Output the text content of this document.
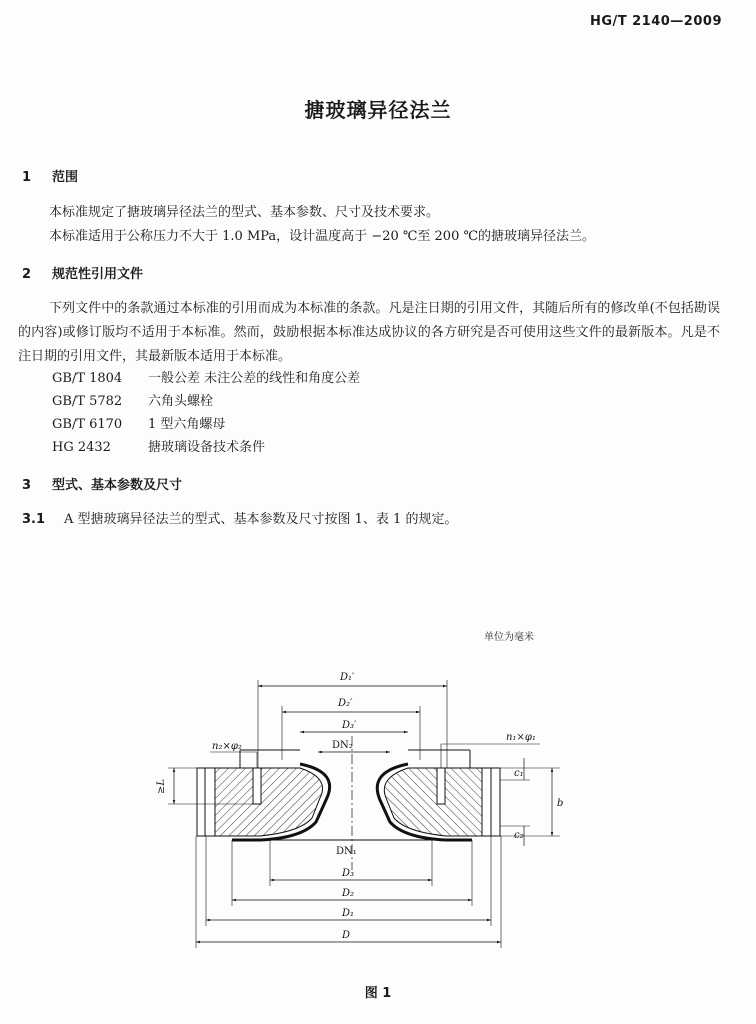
HG/T 2140—2009
搪玻璃异径法兰
1 范围
本标准规定了搪玻璃异径法兰的型式、基本参数、尺寸及技术要求。
本标准适用于公称压力不大于 1.0 MPa，设计温度高于 −20 ℃至 200 ℃的搪玻璃异径法兰。
2 规范性引用文件
下列文件中的条款通过本标准的引用而成为本标准的条款。凡是注日期的引用文件，其随后所有的修改单(不包括勘误的内容)或修订版均不适用于本标准。然而，鼓励根据本标准达成协议的各方研究是否可使用这些文件的最新版本。凡是不注日期的引用文件，其最新版本适用于本标准。
GB/T 1804 一般公差 未注公差的线性和角度公差
GB/T 5782 六角头螺栓
GB/T 6170 1 型六角螺母
HG 2432	搪玻璃设备技术条件
3 型式、基本参数及尺寸
3.1 A 型搪玻璃异径法兰的型式、基本参数及尺寸按图 1、表 1 的规定。
单位为毫米
D₁′
D₂′
D₃′
DN₂
n₂×φ₂
n₁×φ₁
≥L
c₁
c₂
b
DN₁
D₃
D₂
D₁
D
图 1
